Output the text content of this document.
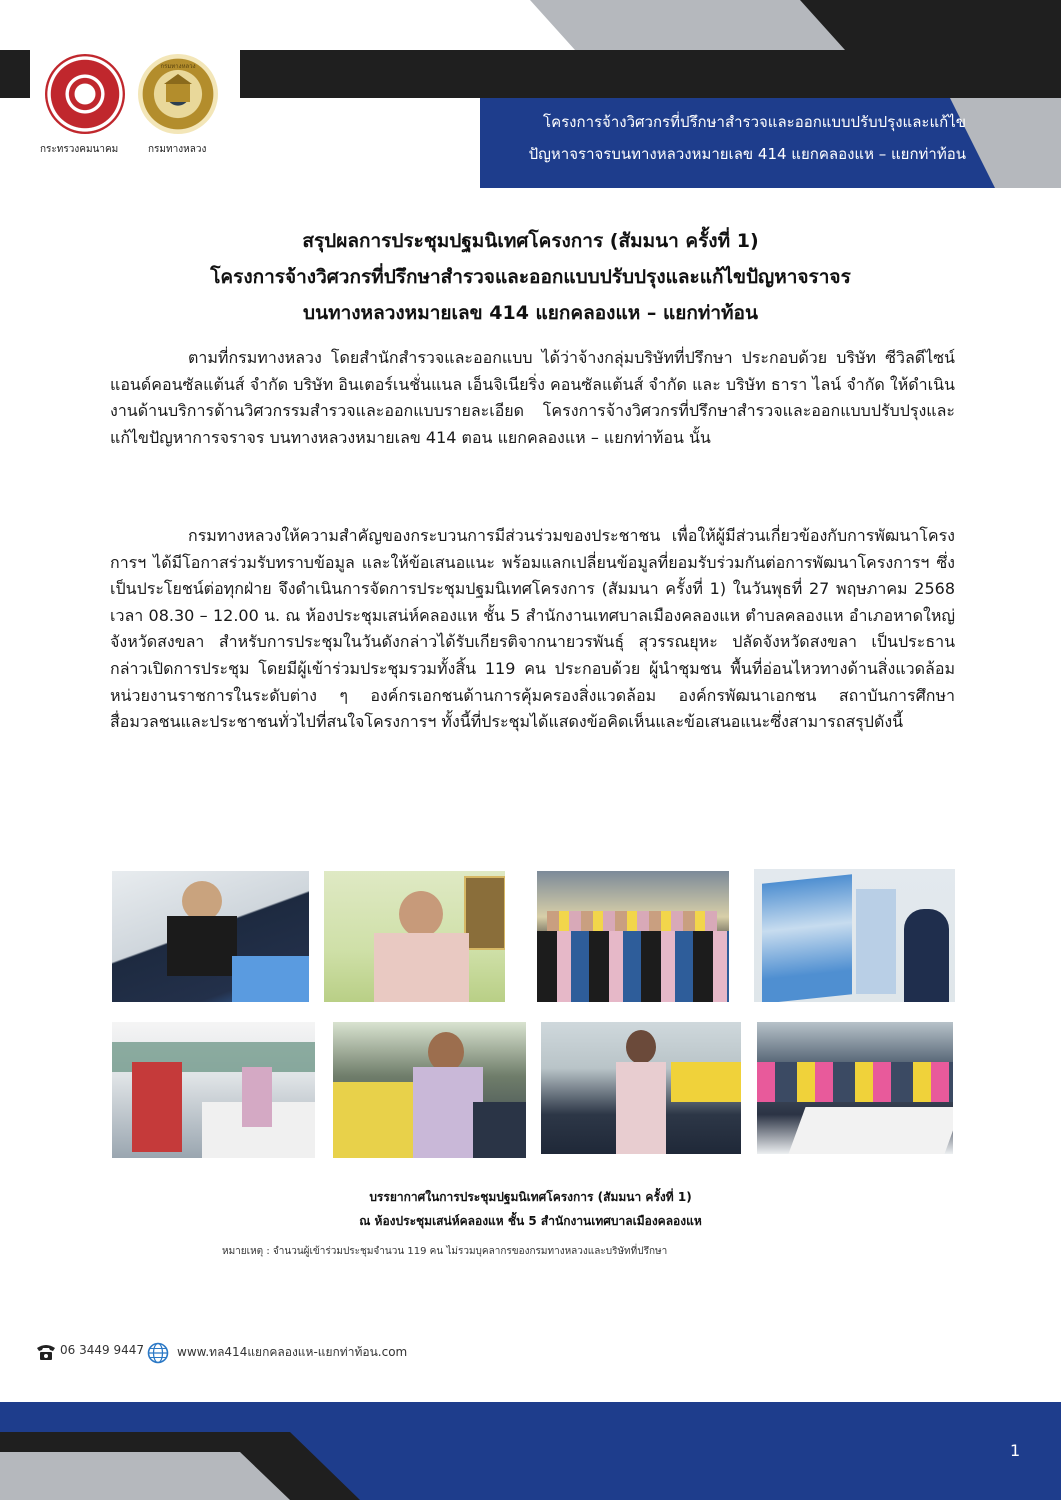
โครงการจ้างวิศวกรที่ปรึกษาสำรวจและออกแบบปรับปรุงและแก้ไข
ปัญหาจราจรบนทางหลวงหมายเลข 414 แยกคลองแห – แยกท่าท้อน
กรมทางหลวง
กระทรวงคมนาคม	กรมทางหลวง
สรุปผลการประชุมปฐมนิเทศโครงการ (สัมมนา ครั้งที่ 1)
โครงการจ้างวิศวกรที่ปรึกษาสำรวจและออกแบบปรับปรุงและแก้ไขปัญหาจราจร
บนทางหลวงหมายเลข 414 แยกคลองแห – แยกท่าท้อน

ตามที่กรมทางหลวง โดยสำนักสำรวจและออกแบบ ได้ว่าจ้างกลุ่มบริษัทที่ปรึกษา ประกอบด้วย บริษัท ซีวิลดีไซน์แอนด์คอนซัลแต้นส์ จำกัด บริษัท อินเตอร์เนชั่นแนล เอ็นจิเนียริ่ง คอนซัลแต้นส์ จำกัด และ บริษัท ธารา ไลน์ จำกัด ให้ดำเนินงานด้านบริการด้านวิศวกรรมสำรวจและออกแบบรายละเอียด โครงการจ้างวิศวกรที่ปรึกษาสำรวจและออกแบบปรับปรุงและแก้ไขปัญหาการจราจร บนทางหลวงหมายเลข 414 ตอน แยกคลองแห – แยกท่าท้อน นั้น

กรมทางหลวงให้ความสำคัญของกระบวนการมีส่วนร่วมของประชาชน เพื่อให้ผู้มีส่วนเกี่ยวข้องกับการพัฒนาโครงการฯ ได้มีโอกาสร่วมรับทราบข้อมูล และให้ข้อเสนอแนะ พร้อมแลกเปลี่ยนข้อมูลที่ยอมรับร่วมกันต่อการพัฒนาโครงการฯ ซึ่งเป็นประโยชน์ต่อทุกฝ่าย จึงดำเนินการจัดการประชุมปฐมนิเทศโครงการ (สัมมนา ครั้งที่ 1) ในวันพุธที่ 27 พฤษภาคม 2568 เวลา 08.30 – 12.00 น. ณ ห้องประชุมเสน่ห์คลองแห ชั้น 5 สำนักงานเทศบาลเมืองคลองแห ตำบลคลองแห อำเภอหาดใหญ่ จังหวัดสงขลา สำหรับการประชุมในวันดังกล่าวได้รับเกียรติจากนายวรพันธุ์ สุวรรณยุหะ ปลัดจังหวัดสงขลา เป็นประธานกล่าวเปิดการประชุม โดยมีผู้เข้าร่วมประชุมรวมทั้งสิ้น 119 คน ประกอบด้วย ผู้นำชุมชน พื้นที่อ่อนไหวทางด้านสิ่งแวดล้อม หน่วยงานราชการในระดับต่าง ๆ องค์กรเอกชนด้านการคุ้มครองสิ่งแวดล้อม องค์กรพัฒนาเอกชน สถาบันการศึกษา สื่อมวลชนและประชาชนทั่วไปที่สนใจโครงการฯ ทั้งนี้ที่ประชุมได้แสดงข้อคิดเห็นและข้อเสนอแนะซึ่งสามารถสรุปดังนี้

บรรยากาศในการประชุมปฐมนิเทศโครงการ (สัมมนา ครั้งที่ 1)
ณ ห้องประชุมเสน่ห์คลองแห ชั้น 5 สำนักงานเทศบาลเมืองคลองแห
หมายเหตุ : จำนวนผู้เข้าร่วมประชุมจำนวน 119 คน ไม่รวมบุคลากรของกรมทางหลวงและบริษัทที่ปรึกษา
06 3449 9447	www.ทล414แยกคลองแห-แยกท่าท้อน.com
1
